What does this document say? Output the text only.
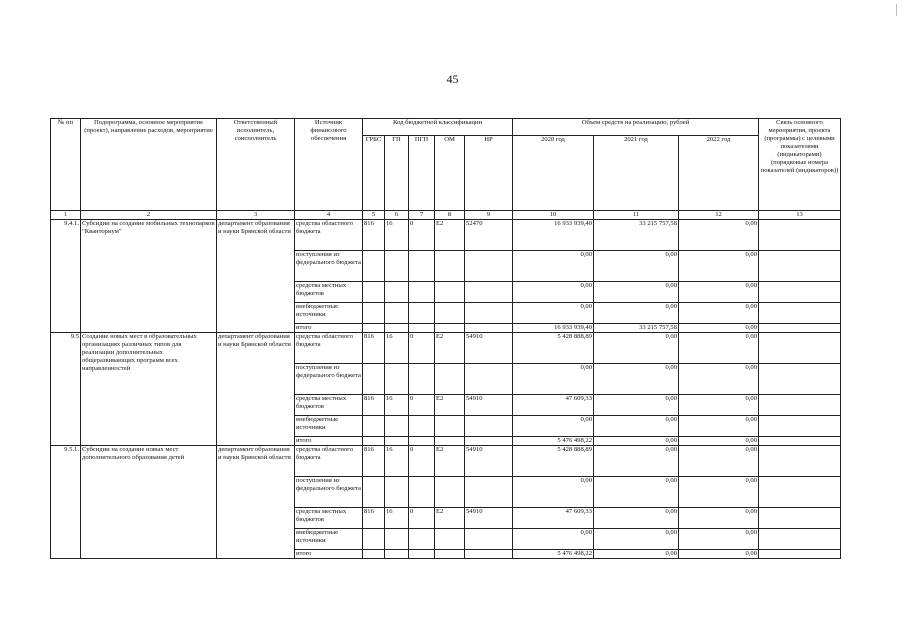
45
№ пп	Подпрограмма, основное мероприятие (проект), направление расходов, мероприятие	Ответственный исполнитель, соисполнитель	Источник финансового обеспечения	Код бюджетной классификации					Объем средств на реализацию, рублей			Связь основного мероприятия, проекта (программы) с целевыми показателями (индикаторами) (порядковые номера показателей (индикаторов))
				ГРБС	ГП	ПГП	ОМ	НР	2020 год	2021 год	2022 год	
1	2	3	4	5	6	7	8	9	10	11	12	13
9.4.1.	Субсидии на создание мобильных технопарков "Кванториум"	департамент образования и науки Брянской области	средства областного бюджета	816	16	0	E2	52470	16 933 939,40	33 215 757,58	0,00	
			поступления из федерального бюджета						0,00	0,00	0,00	
			средства местных бюджетов						0,00	0,00	0,00	
			внебюджетные источники						0,00	0,00	0,00	
			итого						16 933 939,40	33 215 757,58	0,00	
9.5	Создание новых мест в образовательных организациях различных типов для реализации дополнительных общеразвивающих программ всех направленностей	департамент образования и науки Брянской области	средства областного бюджета	816	16	0	E2	54910	5 428 888,89	0,00	0,00	
			поступления из федерального бюджета						0,00	0,00	0,00	
			средства местных бюджетов	816	16	0	E2	54910	47 609,33	0,00	0,00	
			внебюджетные источники						0,00	0,00	0,00	
			итого						5 476 498,22	0,00	0,00	
9.5.1.	Субсидии на создание новых мест дополнительного образования детей	департамент образования и науки Брянской области	средства областного бюджета	816	16	0	E2	54910	5 428 888,89	0,00	0,00	
			поступления из федерального бюджета						0,00	0,00	0,00	
			средства местных бюджетов	816	16	0	E2	54910	47 609,33	0,00	0,00	
			внебюджетные источники						0,00	0,00	0,00	
			итого						5 476 498,22	0,00	0,00	
